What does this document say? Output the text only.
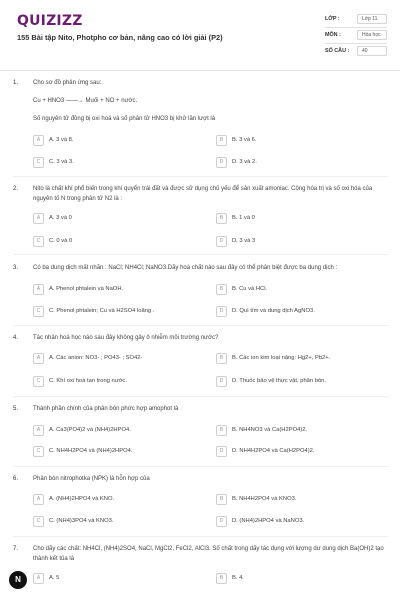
QUIZIZZ
155 Bài tập Nito, Photpho cơ bản, nâng cao có lời giải (P2)
LỚP :	Lớp 11
MÔN :	Hóa học
SỐ CÂU :	40
1. Cho sơ đồ phản ứng sau:
Cu + HNO3 ――→ Muối + NO + nước.
Số nguyên tử đồng bị oxi hoá và số phân tử HNO3 bị khử lần lượt là
A	A. 3 và 8.	B	B. 3 và 6.
C	C. 3 và 3.	D	D. 3 và 2.
2. Nito là chất khí phổ biến trong khí quyển trái đất và được sử dụng chủ yếu để sản xuất amoniac. Cộng hóa trị và số oxi hóa của nguyên tố N trong phân tử N2 là :
A	A. 3 và 0	B	B. 1 và 0
C	C. 0 và 0	D	D. 3 và 3
3. Có ba dung dịch mất nhãn : NaCl; NH4Cl; NaNO3.Dãy hoá chất nào sau đây có thể phân biệt được ba dung dịch :
A	A. Phenol phtalein và NaOH.	B	B. Cu và HCl.
C	C. Phenol phtalein; Cu và H2SO4 loãng .	D	D. Quì tím và dung dịch AgNO3.
4. Tác nhân hoá học nào sau đây không gây ô nhiễm môi trường nước?
A	A. Các anion: NO3- ; PO43- ; SO42-	B	B. Các ion kim loại nặng: Hg2+, Pb2+.
C	C. Khí oxi hoà tan trong nước.	D	D. Thuốc bảo vệ thực vật, phân bón.
5. Thành phần chính của phân bón phức hợp amophot là
A	A. Ca3(PO4)2 và (NH4)2HPO4.	B	B. NH4NO3 và Ca(H2PO4)2.
C	C. NH4H2PO4 và (NH4)2HPO4.	D	D. NH4H2PO4 và Ca(H2PO4)2.
6. Phân bón nitrophotka (NPK) là hỗn hợp của
A	A. (NH4)2HPO4 và KNO.	B	B. NH4H2PO4 và KNO3.
C	C. (NH4)3PO4 và KNO3.	D	D. (NH4)2HPO4 và NaNO3.
7. Cho dãy các chất: NH4Cl, (NH4)2SO4, NaCl, MgCl2, FeCl2, AlCl3. Số chất trong dãy tác dụng với lượng dư dung dịch Ba(OH)2 tạo thành kết tủa là
A	A. 5	B	B. 4.
N
